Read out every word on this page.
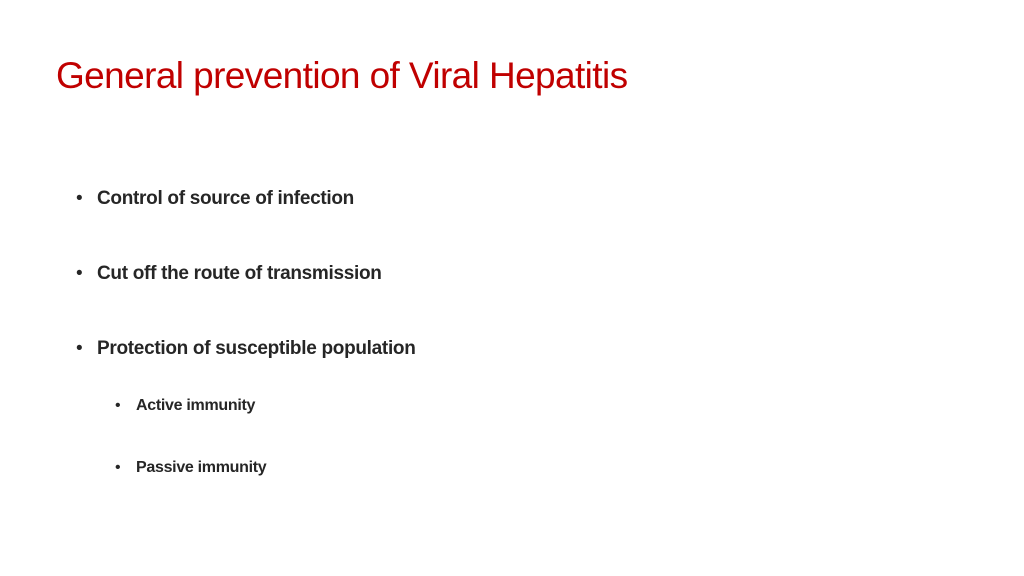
General prevention of Viral Hepatitis
• Control of source of infection
• Cut off the route of transmission
• Protection of susceptible population
• Active immunity
• Passive immunity
